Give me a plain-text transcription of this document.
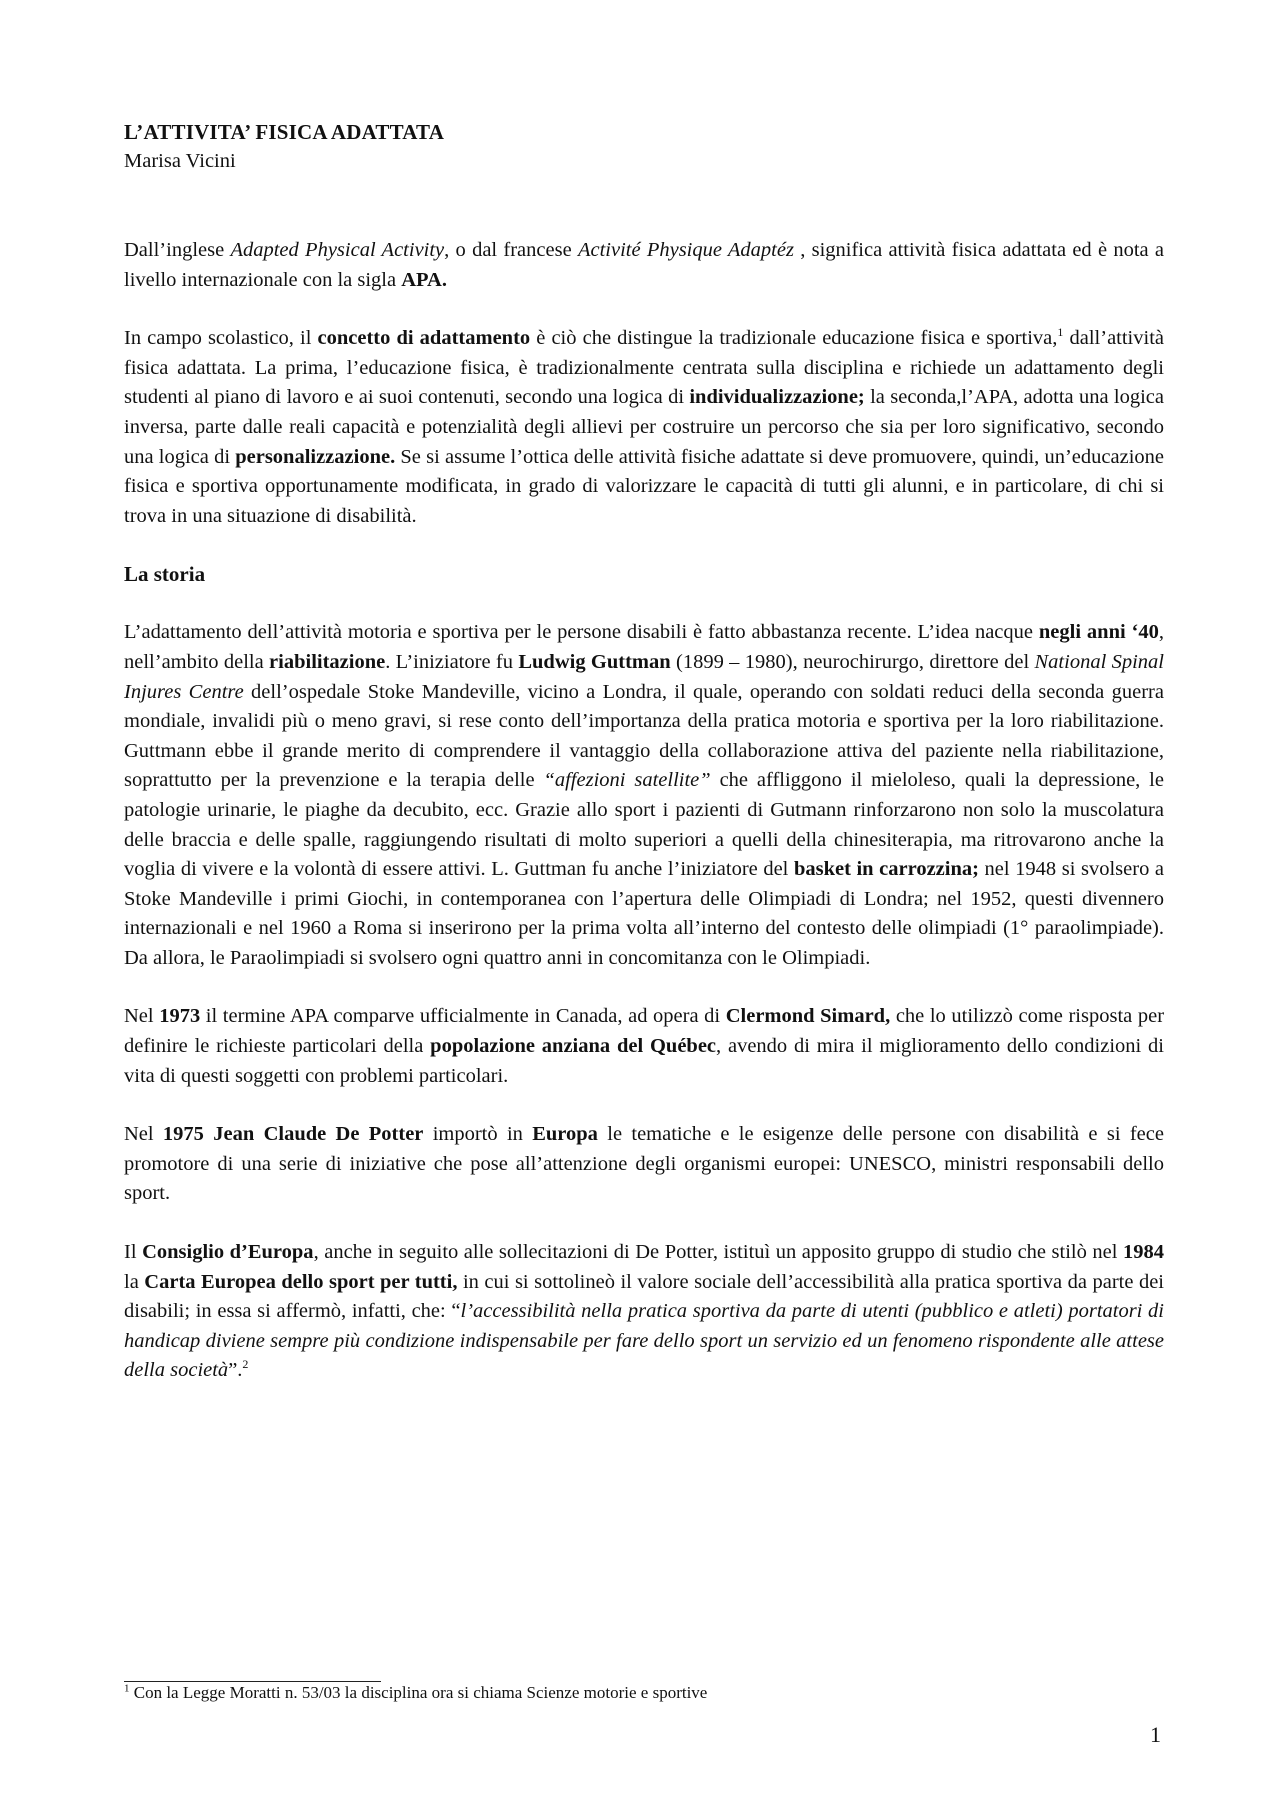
L’ATTIVITA’ FISICA ADATTATA
Marisa Vicini

Dall’inglese Adapted Physical Activity, o dal francese Activité Physique Adaptéz , significa attività fisica adattata ed è nota a livello internazionale con la sigla APA.

In campo scolastico, il concetto di adattamento è ciò che distingue la tradizionale educazione fisica e sportiva,$^1$ dall’attività fisica adattata. La prima, l’educazione fisica, è tradizionalmente centrata sulla disciplina e richiede un adattamento degli studenti al piano di lavoro e ai suoi contenuti, secondo una logica di individualizzazione; la seconda,l’APA, adotta una logica inversa, parte dalle reali capacità e potenzialità degli allievi per costruire un percorso che sia per loro significativo, secondo una logica di personalizzazione. Se si assume l’ottica delle attività fisiche adattate si deve promuovere, quindi, un’educazione fisica e sportiva opportunamente modificata, in grado di valorizzare le capacità di tutti gli alunni, e in particolare, di chi si trova in una situazione di disabilità.

La storia

L’adattamento dell’attività motoria e sportiva per le persone disabili è fatto abbastanza recente. L’idea nacque negli anni ‘40, nell’ambito della riabilitazione. L’iniziatore fu Ludwig Guttman (1899 – 1980), neurochirurgo, direttore del National Spinal Injures Centre dell’ospedale Stoke Mandeville, vicino a Londra, il quale, operando con soldati reduci della seconda guerra mondiale, invalidi più o meno gravi, si rese conto dell’importanza della pratica motoria e sportiva per la loro riabilitazione. Guttmann ebbe il grande merito di comprendere il vantaggio della collaborazione attiva del paziente nella riabilitazione, soprattutto per la prevenzione e la terapia delle “affezioni satellite” che affliggono il mieloleso, quali la depressione, le patologie urinarie, le piaghe da decubito, ecc. Grazie allo sport i pazienti di Gutmann rinforzarono non solo la muscolatura delle braccia e delle spalle, raggiungendo risultati di molto superiori a quelli della chinesiterapia, ma ritrovarono anche la voglia di vivere e la volontà di essere attivi. L. Guttman fu anche l’iniziatore del basket in carrozzina; nel 1948 si svolsero a Stoke Mandeville i primi Giochi, in contemporanea con l’apertura delle Olimpiadi di Londra; nel 1952, questi divennero internazionali e nel 1960 a Roma si inserirono per la prima volta all’interno del contesto delle olimpiadi (1° paraolimpiade). Da allora, le Paraolimpiadi si svolsero ogni quattro anni in concomitanza con le Olimpiadi.

Nel 1973 il termine APA comparve ufficialmente in Canada, ad opera di Clermond Simard, che lo utilizzò come risposta per definire le richieste particolari della popolazione anziana del Québec, avendo di mira il miglioramento dello condizioni di vita di questi soggetti con problemi particolari.

Nel 1975 Jean Claude De Potter importò in Europa le tematiche e le esigenze delle persone con disabilità e si fece promotore di una serie di iniziative che pose all’attenzione degli organismi europei: UNESCO, ministri responsabili dello sport.

Il Consiglio d’Europa, anche in seguito alle sollecitazioni di De Potter, istituì un apposito gruppo di studio che stilò nel 1984 la Carta Europea dello sport per tutti, in cui si sottolineò il valore sociale dell’accessibilità alla pratica sportiva da parte dei disabili; in essa si affermò, infatti, che: “l’accessibilità nella pratica sportiva da parte di utenti (pubblico e atleti) portatori di handicap diviene sempre più condizione indispensabile per fare dello sport un servizio ed un fenomeno rispondente alle attese della società”.$^2$

$^1$ Con la Legge Moratti n. 53/03 la disciplina ora si chiama Scienze motorie e sportive
1
